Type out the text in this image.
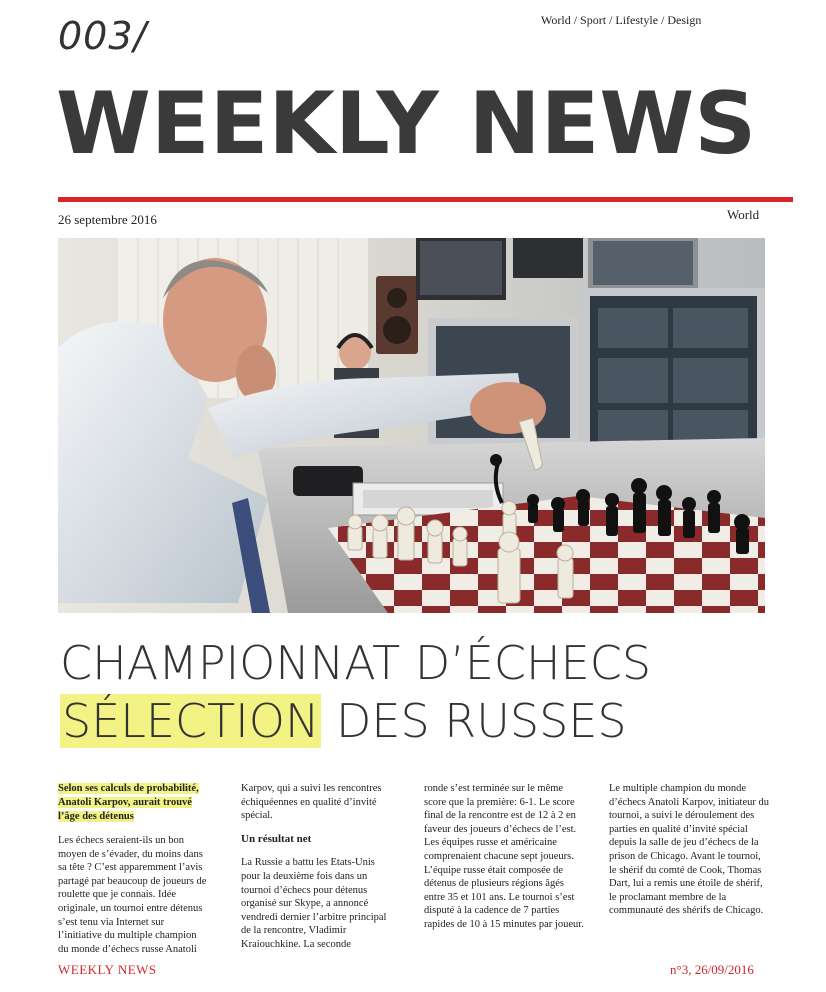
003/	World / Sport / Lifestyle / Design
WEEKLY NEWS
26 septembre 2016	World
CHAMPIONNAT D’ÉCHECS
SÉLECTION DES RUSSES
Selon ses calculs de probabilité, Anatoli Karpov, aurait trouvé l’âge des détenus

Les échecs seraient-ils un bon moyen de s’évader, du moins dans sa tête ? C’est apparemment l’avis partagé par beaucoup de joueurs de roulette que je connais. Idée originale, un tournoi entre détenus s’est tenu via Internet sur l’initiative du multiple champion du monde d’échecs russe Anatoli

Karpov, qui a suivi les rencontres échiquéennes en qualité d’invité spécial.

Un résultat net

La Russie a battu les Etats-Unis pour la deuxième fois dans un tournoi d’échecs pour détenus organisé sur Skype, a annoncé vendredi dernier l’arbitre principal de la rencontre, Vladimir Kraiouchkine. La seconde

ronde s’est terminée sur le même score que la première: 6-1. Le score final de la rencontre est de 12 à 2 en faveur des joueurs d’échecs de l’est. Les équipes russe et américaine comprenaient chacune sept joueurs. L’équipe russe était composée de détenus de plusieurs régions âgés entre 35 et 101 ans. Le tournoi s’est disputé à la cadence de 7 parties rapides de 10 à 15 minutes par joueur.

Le multiple champion du monde d’échecs Anatoli Karpov, initiateur du tournoi, a suivi le déroulement des parties en qualité d’invité spécial depuis la salle de jeu d’échecs de la prison de Chicago. Avant le tournoi, le shérif du comté de Cook, Thomas Dart, lui a remis une étoile de shérif, le proclamant membre de la communauté des shérifs de Chicago.

WEEKLY NEWS	n°3, 26/09/2016
